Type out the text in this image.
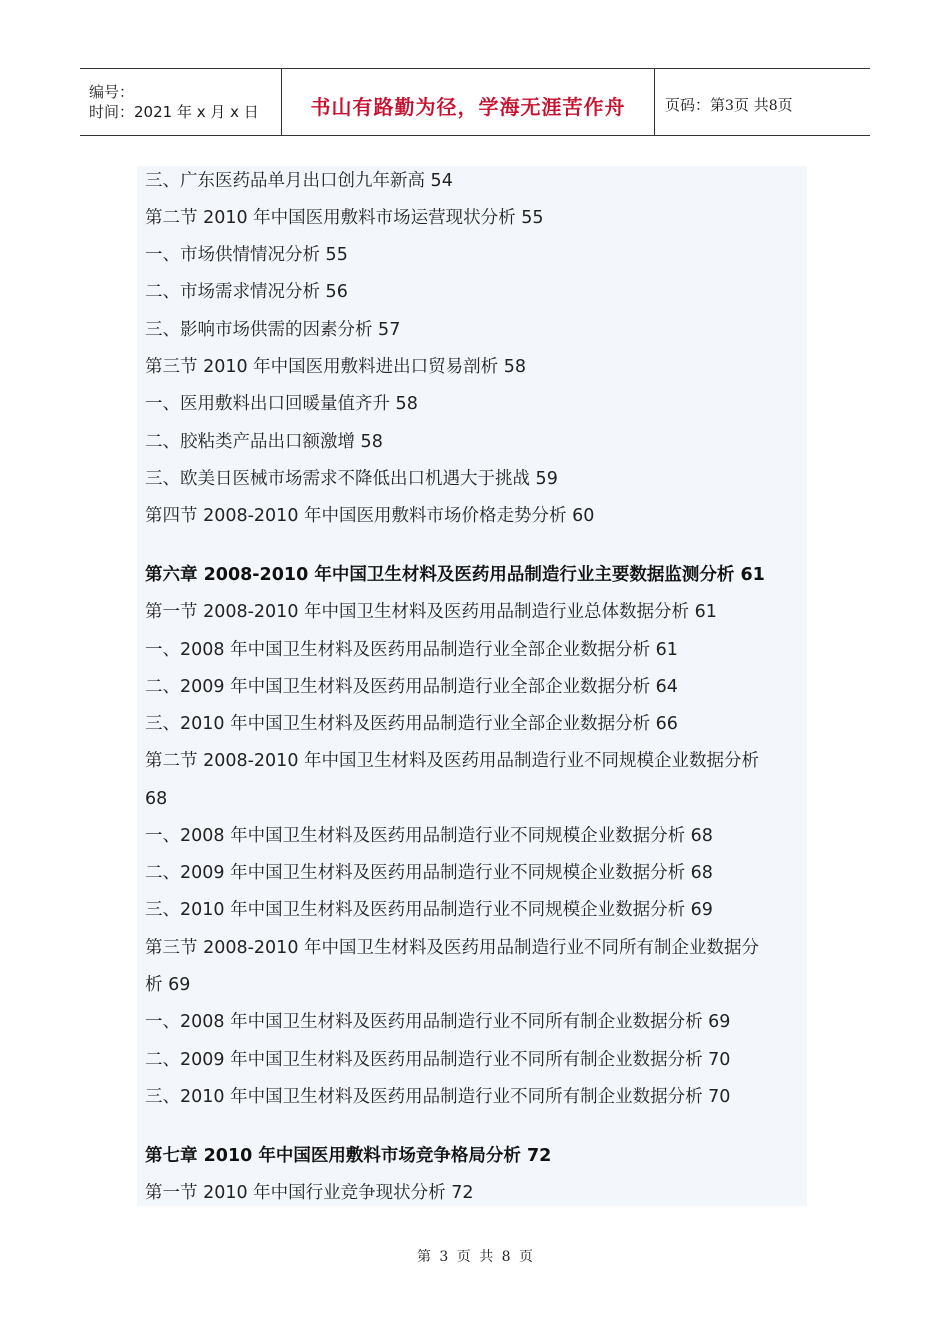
编号：
时间：2021 年 x 月 x 日	书山有路勤为径，学海无涯苦作舟	页码：第3页 共8页
三、广东医药品单月出口创九年新高 54
第二节 2010 年中国医用敷料市场运营现状分析 55
一、市场供情情况分析 55
二、市场需求情况分析 56
三、影响市场供需的因素分析 57
第三节 2010 年中国医用敷料进出口贸易剖析 58
一、医用敷料出口回暖量值齐升 58
二、胶粘类产品出口额激增 58
三、欧美日医械市场需求不降低出口机遇大于挑战 59
第四节 2008-2010 年中国医用敷料市场价格走势分析 60
第六章 2008-2010 年中国卫生材料及医药用品制造行业主要数据监测分析 61
第一节 2008-2010 年中国卫生材料及医药用品制造行业总体数据分析 61
一、2008 年中国卫生材料及医药用品制造行业全部企业数据分析 61
二、2009 年中国卫生材料及医药用品制造行业全部企业数据分析 64
三、2010 年中国卫生材料及医药用品制造行业全部企业数据分析 66
第二节 2008-2010 年中国卫生材料及医药用品制造行业不同规模企业数据分析
68
一、2008 年中国卫生材料及医药用品制造行业不同规模企业数据分析 68
二、2009 年中国卫生材料及医药用品制造行业不同规模企业数据分析 68
三、2010 年中国卫生材料及医药用品制造行业不同规模企业数据分析 69
第三节 2008-2010 年中国卫生材料及医药用品制造行业不同所有制企业数据分
析 69
一、2008 年中国卫生材料及医药用品制造行业不同所有制企业数据分析 69
二、2009 年中国卫生材料及医药用品制造行业不同所有制企业数据分析 70
三、2010 年中国卫生材料及医药用品制造行业不同所有制企业数据分析 70
第七章 2010 年中国医用敷料市场竞争格局分析 72
第一节 2010 年中国行业竞争现状分析 72
第 3 页 共 8 页
